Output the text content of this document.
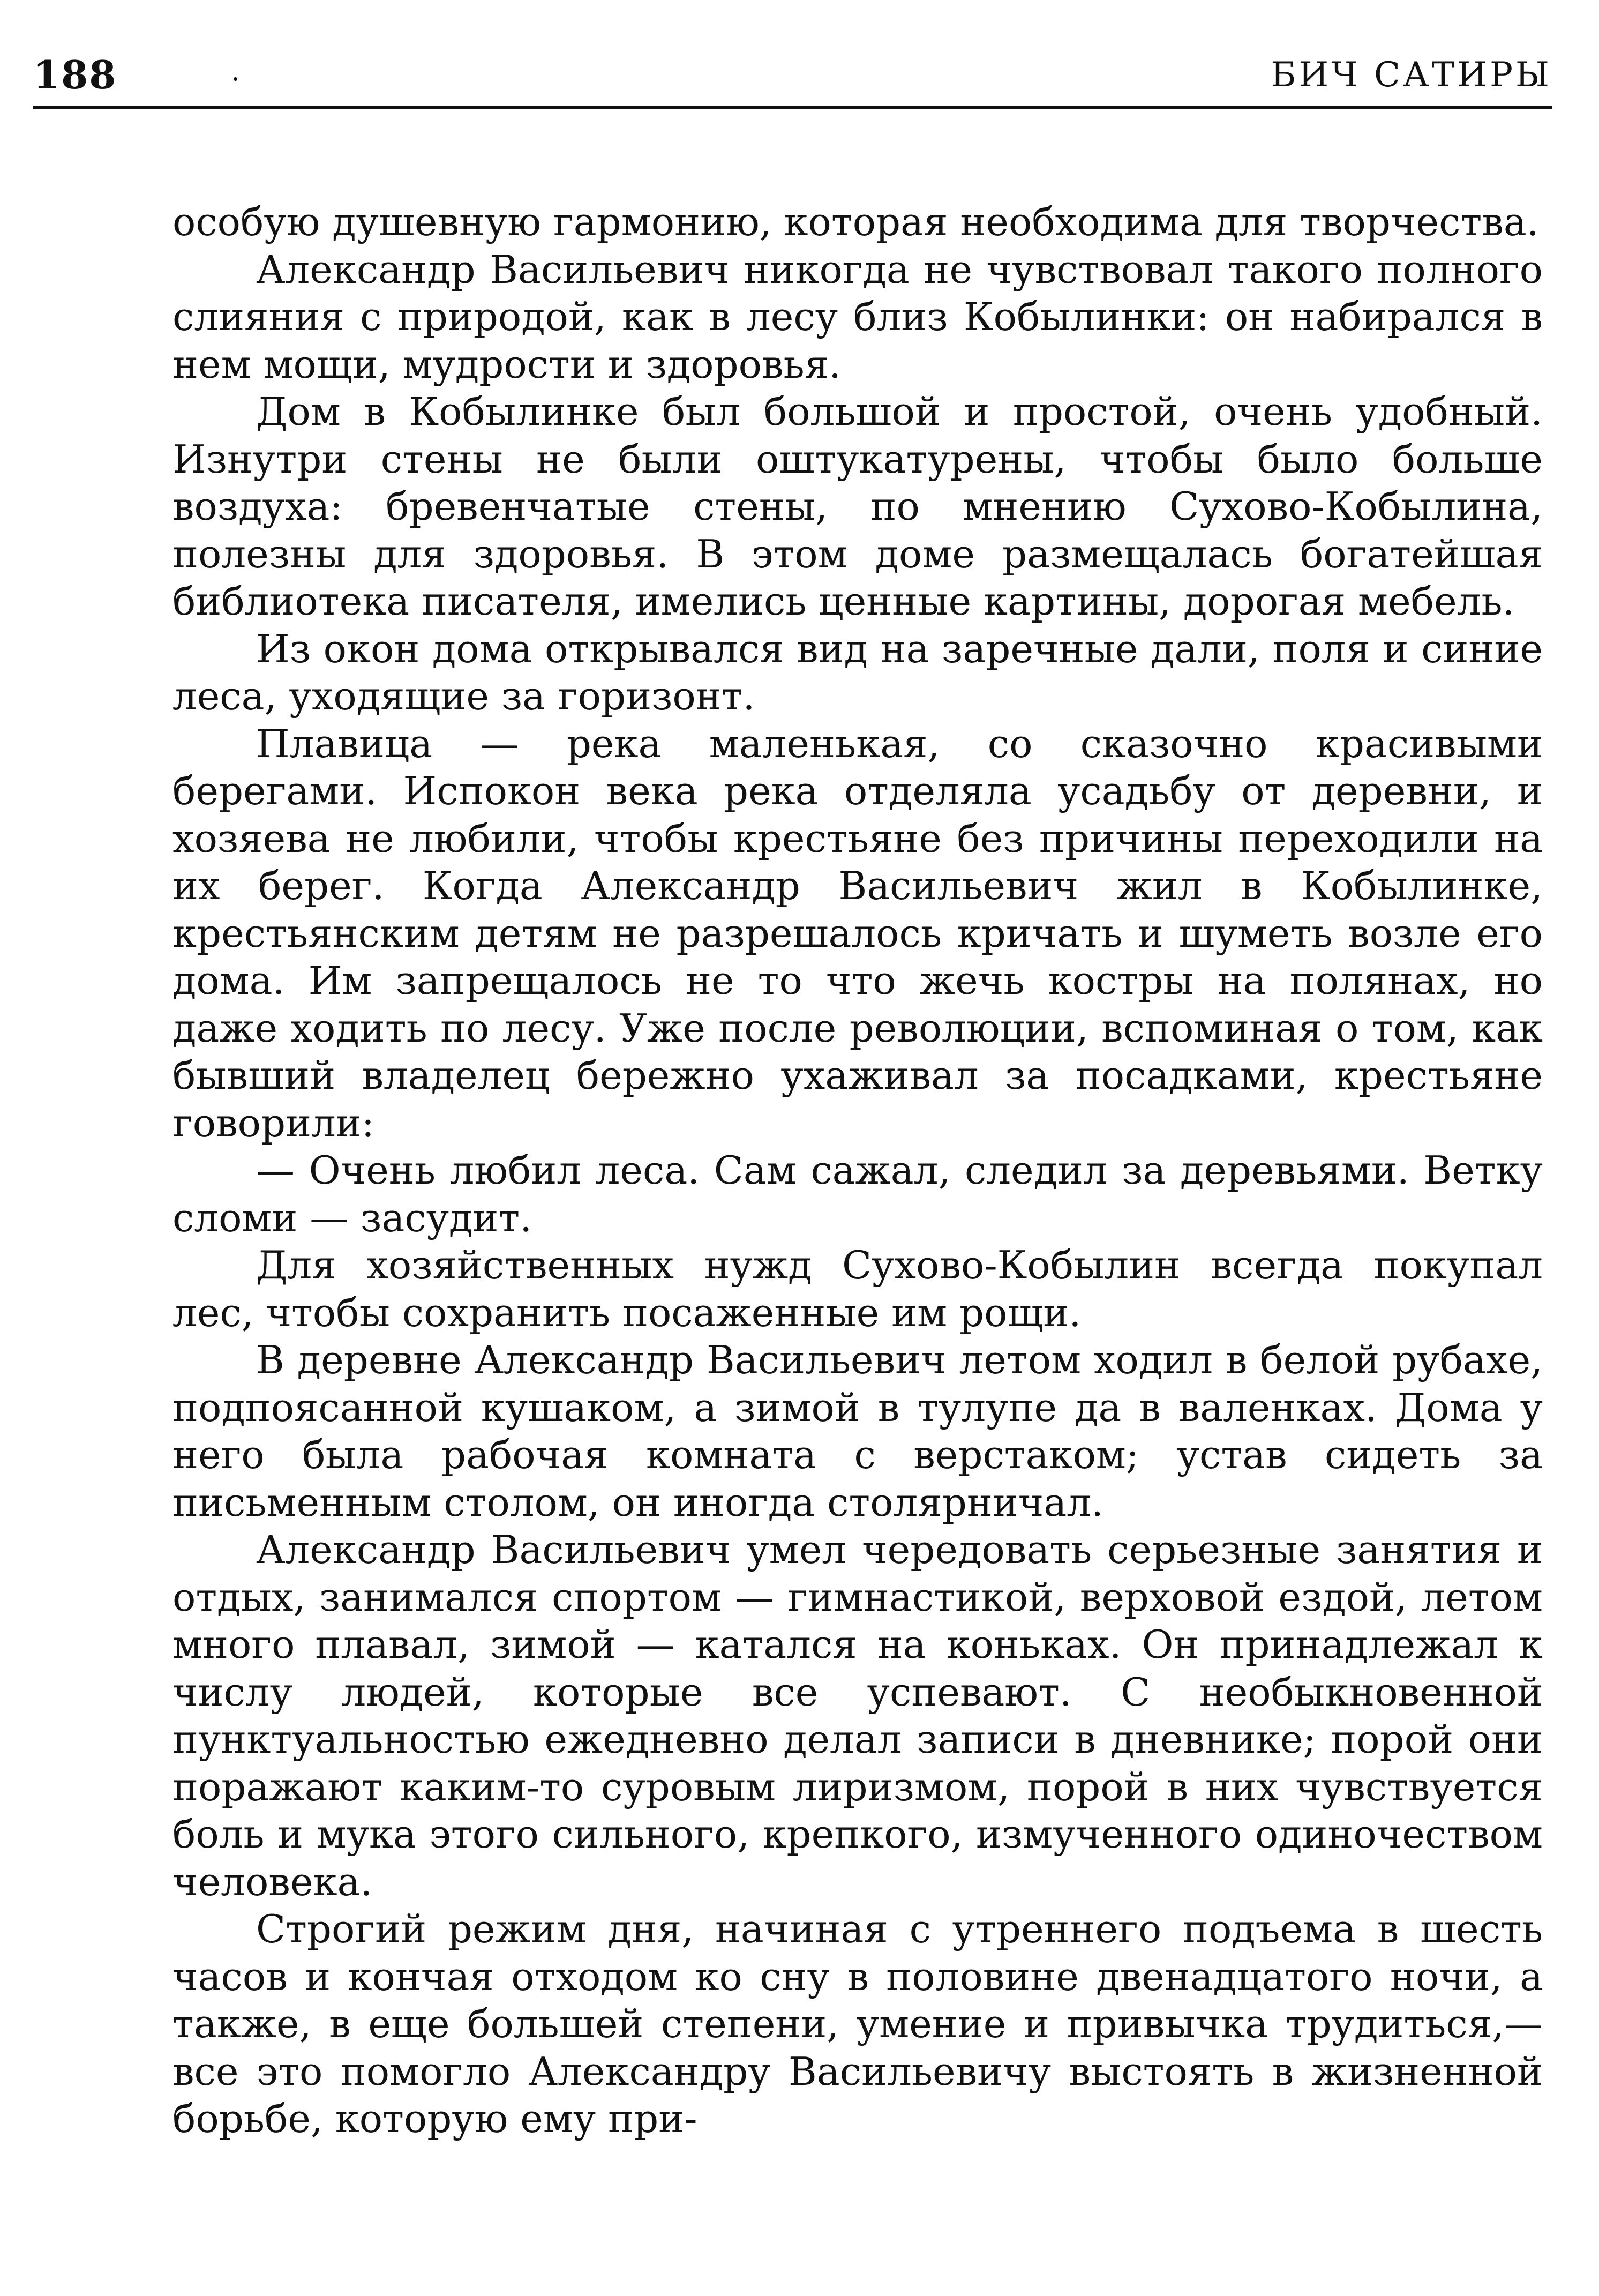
188	БИЧ САТИРЫ

особую душевную гармонию, которая необходима для творчества.

Александр Васильевич никогда не чувствовал такого полного слияния с природой, как в лесу близ Кобылинки: он набирался в нем мощи, мудрости и здоровья.

Дом в Кобылинке был большой и простой, очень удобный. Изнутри стены не были оштукатурены, чтобы было больше воздуха: бревенчатые стены, по мнению Сухово-Кобылина, полезны для здоровья. В этом доме размещалась богатейшая библиотека писателя, имелись ценные картины, дорогая мебель.

Из окон дома открывался вид на заречные дали, поля и синие леса, уходящие за горизонт.

Плавица — река маленькая, со сказочно красивыми берегами. Испокон века река отделяла усадьбу от деревни, и хозяева не любили, чтобы крестьяне без причины переходили на их берег. Когда Александр Васильевич жил в Кобылинке, крестьянским детям не разрешалось кричать и шуметь возле его дома. Им запрещалось не то что жечь костры на полянах, но даже ходить по лесу. Уже после революции, вспоминая о том, как бывший владелец бережно ухаживал за посадками, крестьяне говорили:

— Очень любил леса. Сам сажал, следил за деревьями. Ветку сломи — засудит.

Для хозяйственных нужд Сухово-Кобылин всегда покупал лес, чтобы сохранить посаженные им рощи.

В деревне Александр Васильевич летом ходил в белой рубахе, подпоясанной кушаком, а зимой в тулупе да в валенках. Дома у него была рабочая комната с верстаком; устав сидеть за письменным столом, он иногда столярничал.

Александр Васильевич умел чередовать серьезные занятия и отдых, занимался спортом — гимнастикой, верховой ездой, летом много плавал, зимой — катался на коньках. Он принадлежал к числу людей, которые все успевают. С необыкновенной пунктуальностью ежедневно делал записи в дневнике; порой они поражают каким-то суровым лиризмом, порой в них чувствуется боль и мука этого сильного, крепкого, измученного одиночеством человека.

Строгий режим дня, начиная с утреннего подъема в шесть часов и кончая отходом ко сну в половине двенадцатого ночи, а также, в еще большей степени, умение и привычка трудиться,— все это помогло Александру Васильевичу выстоять в жизненной борьбе, которую ему при-
